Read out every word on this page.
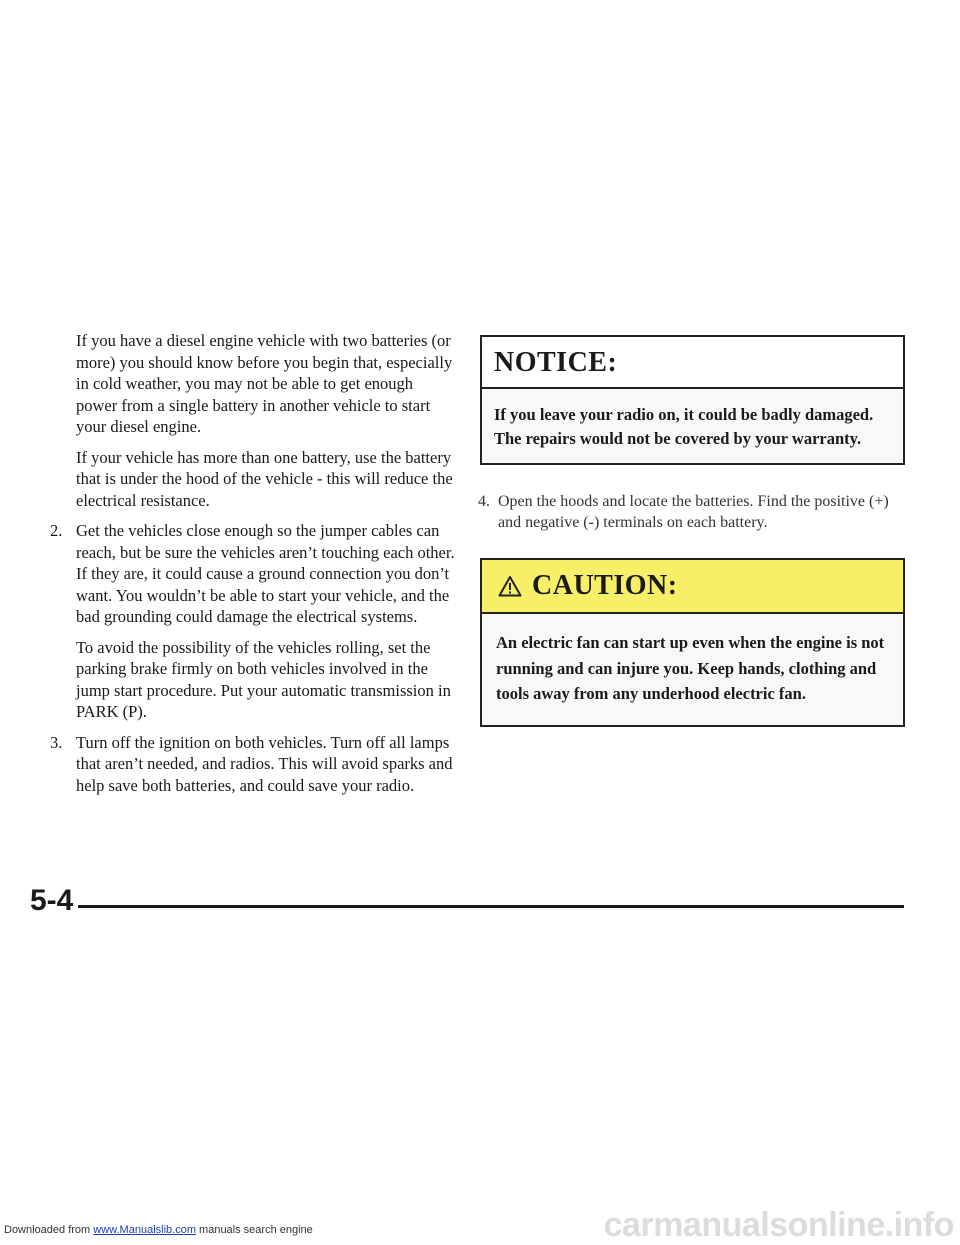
If you have a diesel engine vehicle with two batteries (or more) you should know before you begin that, especially in cold weather, you may not be able to get enough power from a single battery in another vehicle to start your diesel engine.

If your vehicle has more than one battery, use the battery that is under the hood of the vehicle - this will reduce the electrical resistance.

2. Get the vehicles close enough so the jumper cables can reach, but be sure the vehicles aren’t touching each other. If they are, it could cause a ground connection you don’t want. You wouldn’t be able to start your vehicle, and the bad grounding could damage the electrical systems.

To avoid the possibility of the vehicles rolling, set the parking brake firmly on both vehicles involved in the jump start procedure. Put your automatic transmission in PARK (P).

3. Turn off the ignition on both vehicles. Turn off all lamps that aren’t needed, and radios. This will avoid sparks and help save both batteries, and could save your radio.

NOTICE:
If you leave your radio on, it could be badly damaged. The repairs would not be covered by your warranty.
4. Open the hoods and locate the batteries. Find the positive (+) and negative (-) terminals on each battery.
CAUTION:
An electric fan can start up even when the engine is not running and can injure you. Keep hands, clothing and tools away from any underhood electric fan.
5-4
Downloaded from www.Manualslib.com manuals search engine	carmanualsonline.info
